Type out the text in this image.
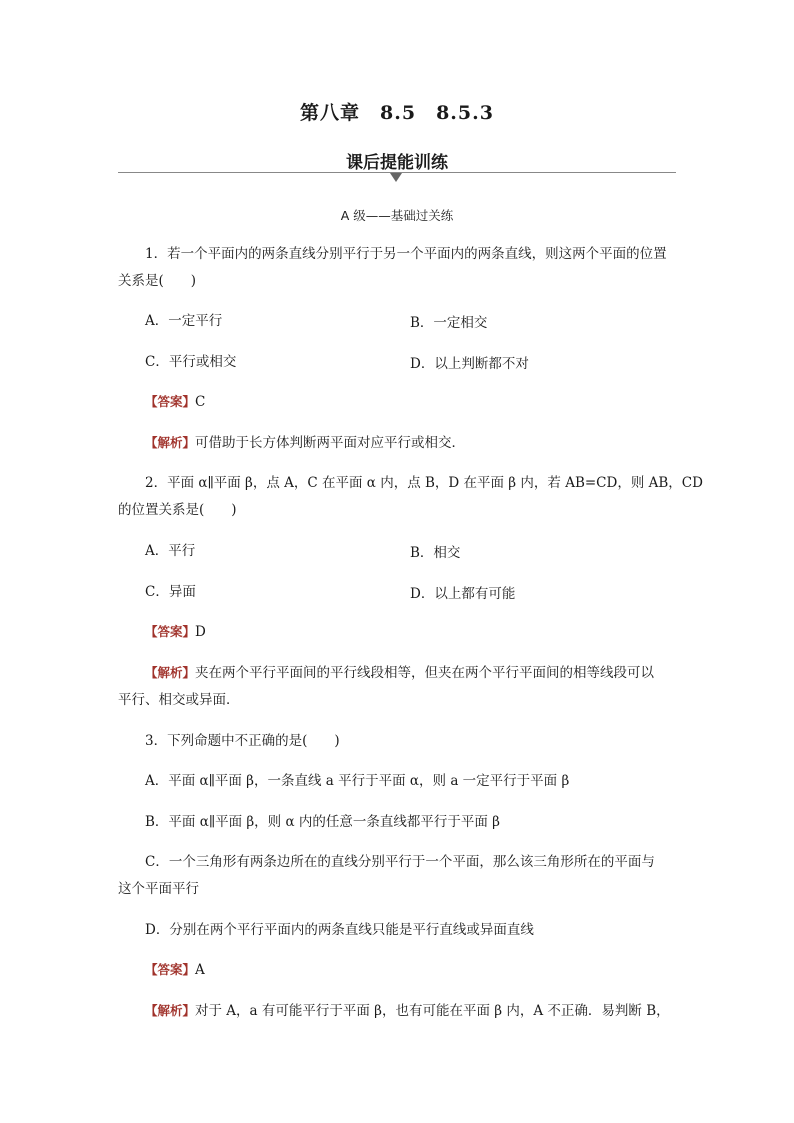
第八章　8.5　8.5.3
课后提能训练
A 级——基础过关练
1．若一个平面内的两条直线分别平行于另一个平面内的两条直线，则这两个平面的位置
关系是(　　)
A．一定平行	B．一定相交
C．平行或相交	D．以上判断都不对
【答案】C
【解析】可借助于长方体判断两平面对应平行或相交．
2．平面 α∥平面 β，点 A，C 在平面 α 内，点 B，D 在平面 β 内，若 AB=CD，则 AB，CD
的位置关系是(　　)
A．平行	B．相交
C．异面	D．以上都有可能
【答案】D
【解析】夹在两个平行平面间的平行线段相等，但夹在两个平行平面间的相等线段可以
平行、相交或异面．
3．下列命题中不正确的是(　　)
A．平面 α∥平面 β，一条直线 a 平行于平面 α，则 a 一定平行于平面 β
B．平面 α∥平面 β，则 α 内的任意一条直线都平行于平面 β
C．一个三角形有两条边所在的直线分别平行于一个平面，那么该三角形所在的平面与
这个平面平行
D．分别在两个平行平面内的两条直线只能是平行直线或异面直线
【答案】A
【解析】对于 A，a 有可能平行于平面 β，也有可能在平面 β 内，A 不正确．易判断 B，
